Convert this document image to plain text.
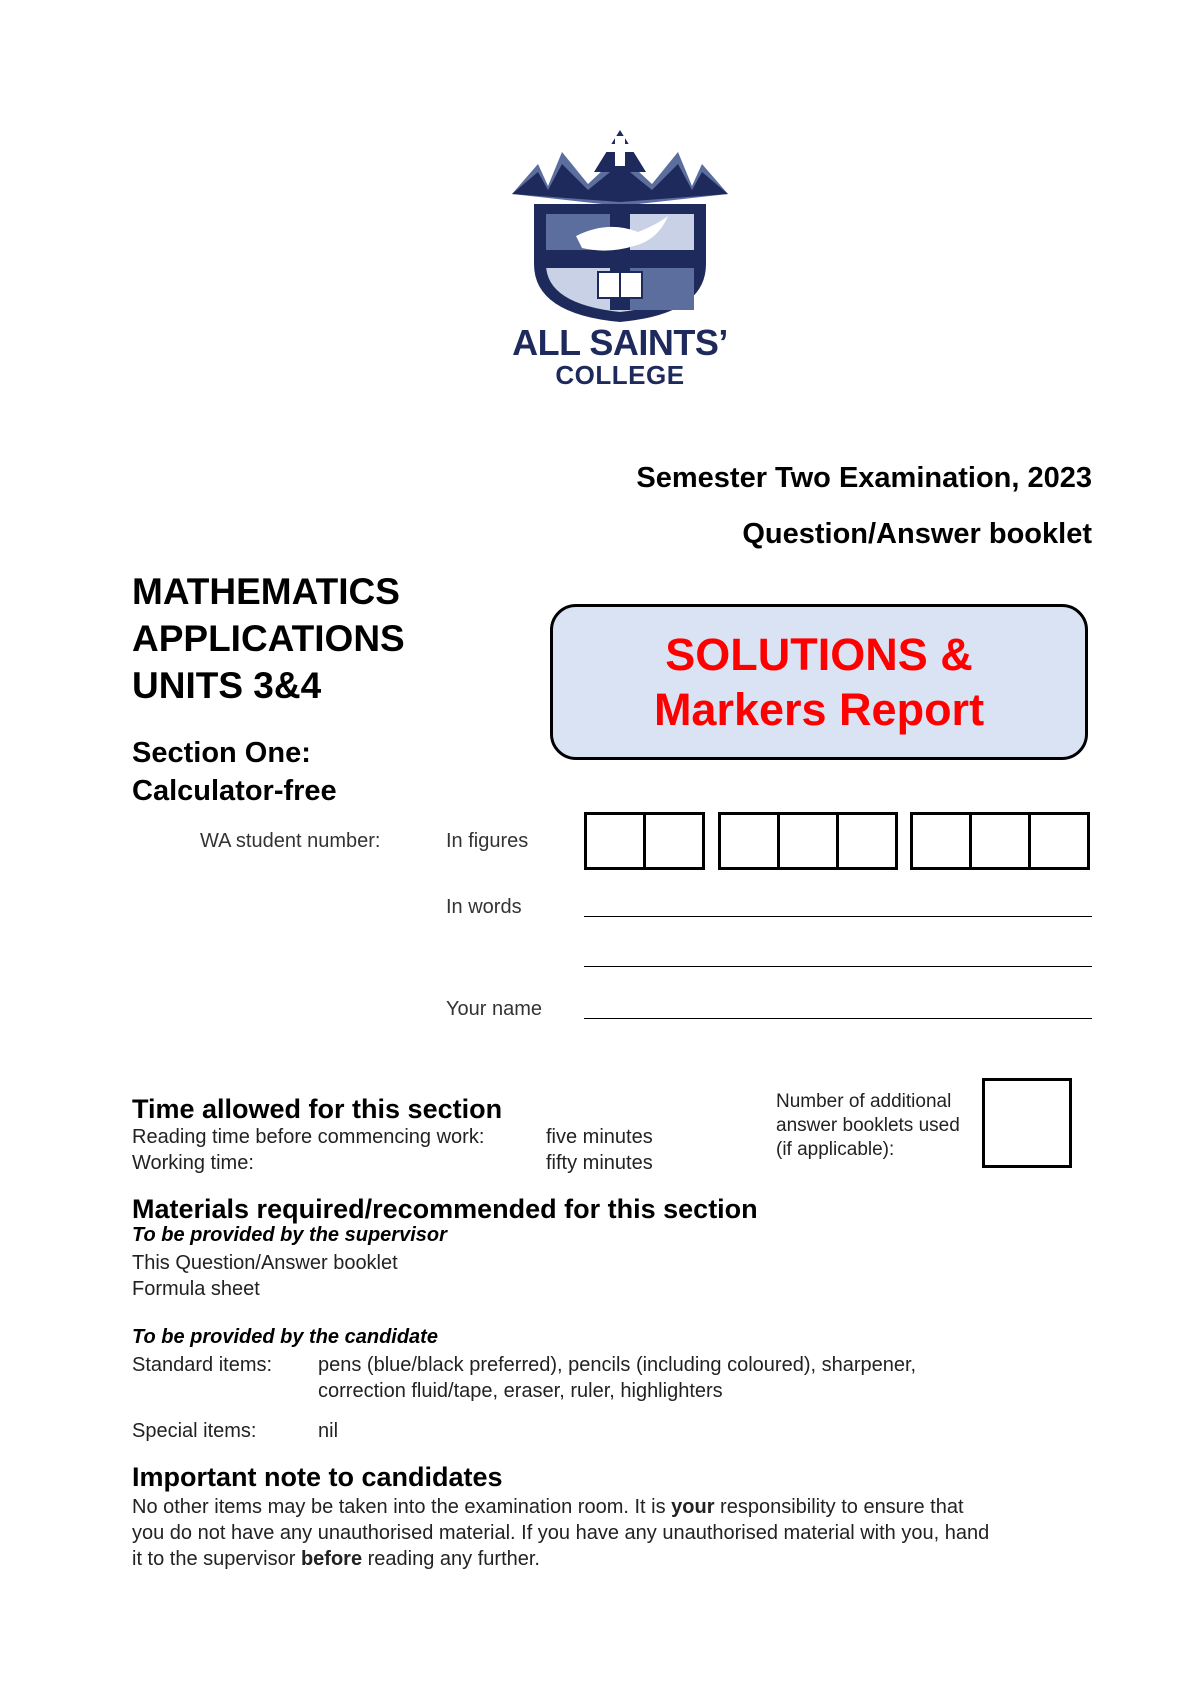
ALL SAINTS’
COLLEGE
Semester Two Examination, 2023
Question/Answer booklet
MATHEMATICS
APPLICATIONS
UNITS 3&4
Section One:
Calculator-free
SOLUTIONS &
Markers Report
WA student number:	In figures
In words
Your name
Time allowed for this section
Reading time before commencing work:	five minutes
Working time:	fifty minutes
Number of additional
answer booklets used
(if applicable):
Materials required/recommended for this section
To be provided by the supervisor
This Question/Answer booklet
Formula sheet
To be provided by the candidate
Standard items: pens (blue/black preferred), pencils (including coloured), sharpener,
correction fluid/tape, eraser, ruler, highlighters
Special items:	nil
Important note to candidates
No other items may be taken into the examination room. It is your responsibility to ensure that
you do not have any unauthorised material. If you have any unauthorised material with you, hand
it to the supervisor before reading any further.
